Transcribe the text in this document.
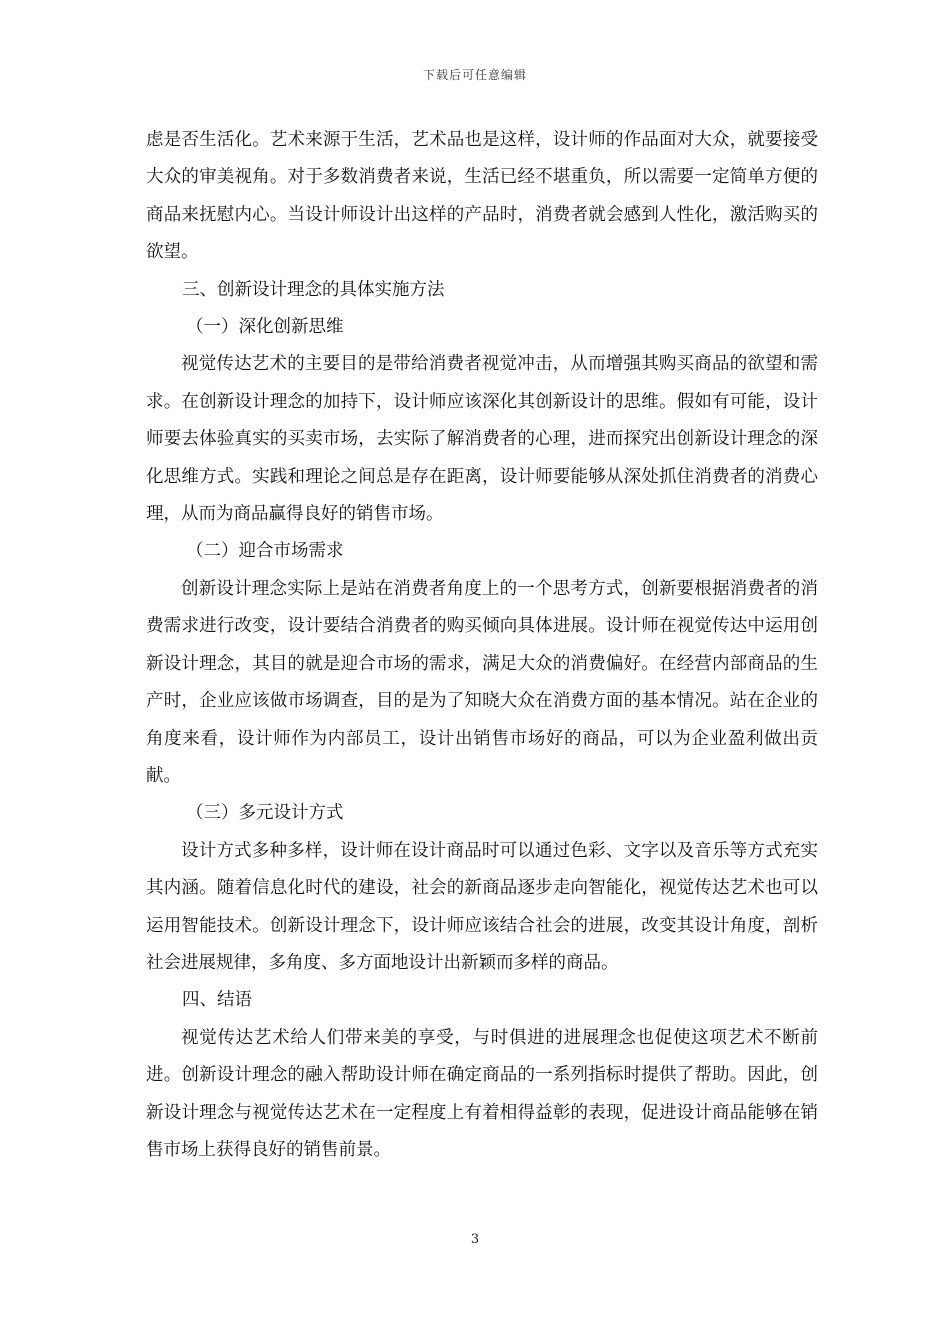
下载后可任意编辑

虑是否生活化。艺术来源于生活，艺术品也是这样，设计师的作品面对大众，就要接受大众的审美视角。对于多数消费者来说，生活已经不堪重负，所以需要一定简单方便的商品来抚慰内心。当设计师设计出这样的产品时，消费者就会感到人性化，激活购买的欲望。

三、创新设计理念的具体实施方法

（一）深化创新思维

视觉传达艺术的主要目的是带给消费者视觉冲击，从而增强其购买商品的欲望和需求。在创新设计理念的加持下，设计师应该深化其创新设计的思维。假如有可能，设计师要去体验真实的买卖市场，去实际了解消费者的心理，进而探究出创新设计理念的深化思维方式。实践和理论之间总是存在距离，设计师要能够从深处抓住消费者的消费心理，从而为商品赢得良好的销售市场。

（二）迎合市场需求

创新设计理念实际上是站在消费者角度上的一个思考方式，创新要根据消费者的消费需求进行改变，设计要结合消费者的购买倾向具体进展。设计师在视觉传达中运用创新设计理念，其目的就是迎合市场的需求，满足大众的消费偏好。在经营内部商品的生产时，企业应该做市场调查，目的是为了知晓大众在消费方面的基本情况。站在企业的角度来看，设计师作为内部员工，设计出销售市场好的商品，可以为企业盈利做出贡献。

（三）多元设计方式

设计方式多种多样，设计师在设计商品时可以通过色彩、文字以及音乐等方式充实其内涵。随着信息化时代的建设，社会的新商品逐步走向智能化，视觉传达艺术也可以运用智能技术。创新设计理念下，设计师应该结合社会的进展，改变其设计角度，剖析社会进展规律，多角度、多方面地设计出新颖而多样的商品。

四、结语

视觉传达艺术给人们带来美的享受，与时俱进的进展理念也促使这项艺术不断前进。创新设计理念的融入帮助设计师在确定商品的一系列指标时提供了帮助。因此，创新设计理念与视觉传达艺术在一定程度上有着相得益彰的表现，促进设计商品能够在销售市场上获得良好的销售前景。

3
